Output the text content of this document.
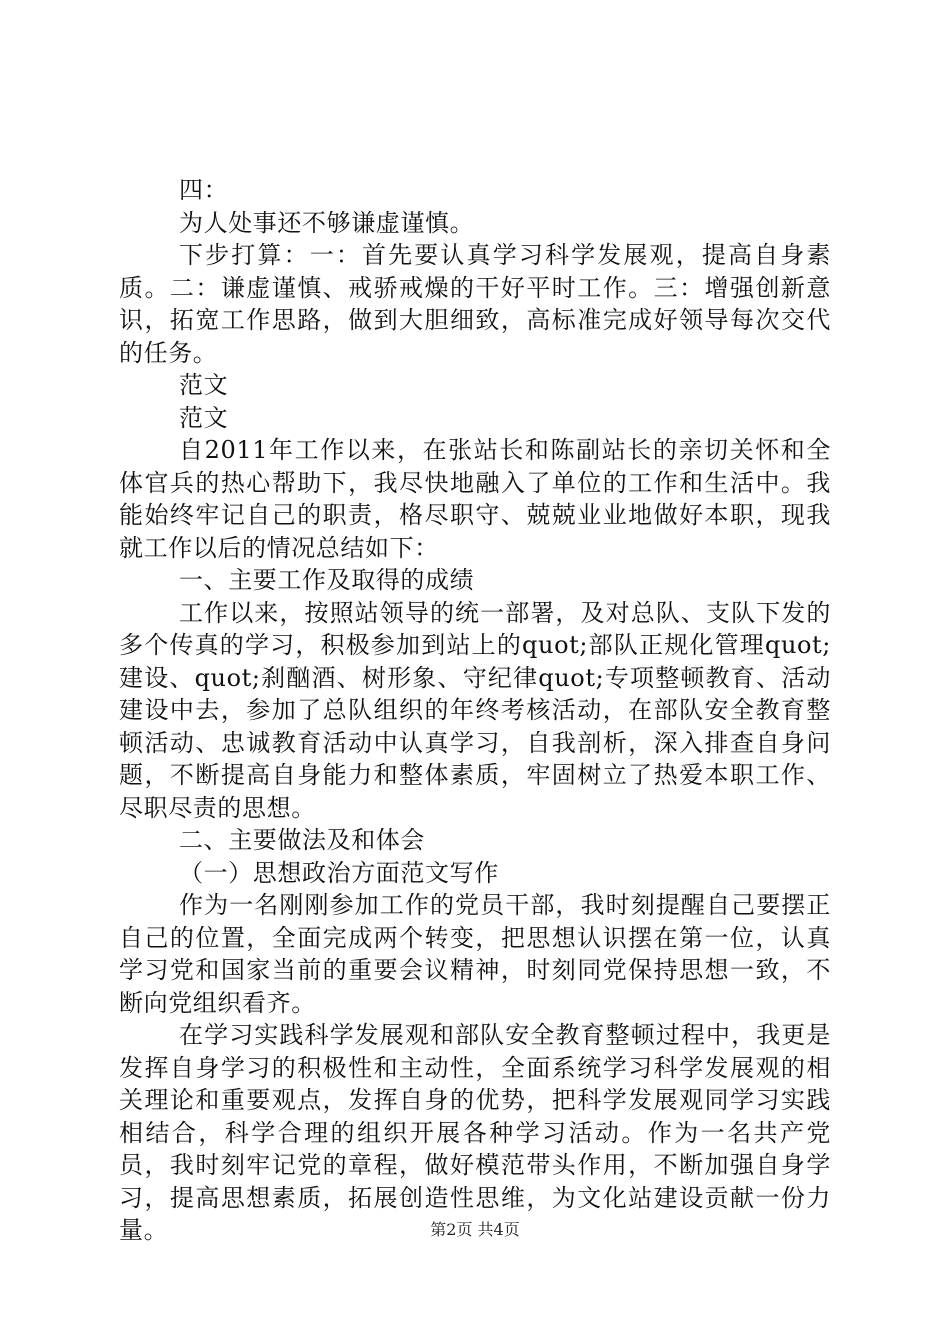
四：

为人处事还不够谦虚谨慎。

下步打算：一：首先要认真学习科学发展观，提高自身素质。二：谦虚谨慎、戒骄戒燥的干好平时工作。三：增强创新意识，拓宽工作思路，做到大胆细致，高标准完成好领导每次交代的任务。

范文

范文

自2011年工作以来，在张站长和陈副站长的亲切关怀和全体官兵的热心帮助下，我尽快地融入了单位的工作和生活中。我能始终牢记自己的职责，格尽职守、兢兢业业地做好本职，现我就工作以后的情况总结如下：

一、主要工作及取得的成绩

工作以来，按照站领导的统一部署，及对总队、支队下发的多个传真的学习，积极参加到站上的quot;部队正规化管理quot;建设、quot;刹酗酒、树形象、守纪律quot;专项整顿教育、活动建设中去，参加了总队组织的年终考核活动，在部队安全教育整顿活动、忠诚教育活动中认真学习，自我剖析，深入排查自身问题，不断提高自身能力和整体素质，牢固树立了热爱本职工作、尽职尽责的思想。

二、主要做法及和体会

（一）思想政治方面范文写作

作为一名刚刚参加工作的党员干部，我时刻提醒自己要摆正自己的位置，全面完成两个转变，把思想认识摆在第一位，认真学习党和国家当前的重要会议精神，时刻同党保持思想一致，不断向党组织看齐。

在学习实践科学发展观和部队安全教育整顿过程中，我更是发挥自身学习的积极性和主动性，全面系统学习科学发展观的相关理论和重要观点，发挥自身的优势，把科学发展观同学习实践相结合，科学合理的组织开展各种学习活动。作为一名共产党员，我时刻牢记党的章程，做好模范带头作用，不断加强自身学习，提高思想素质，拓展创造性思维，为文化站建设贡献一份力量。	第2页 共4页
